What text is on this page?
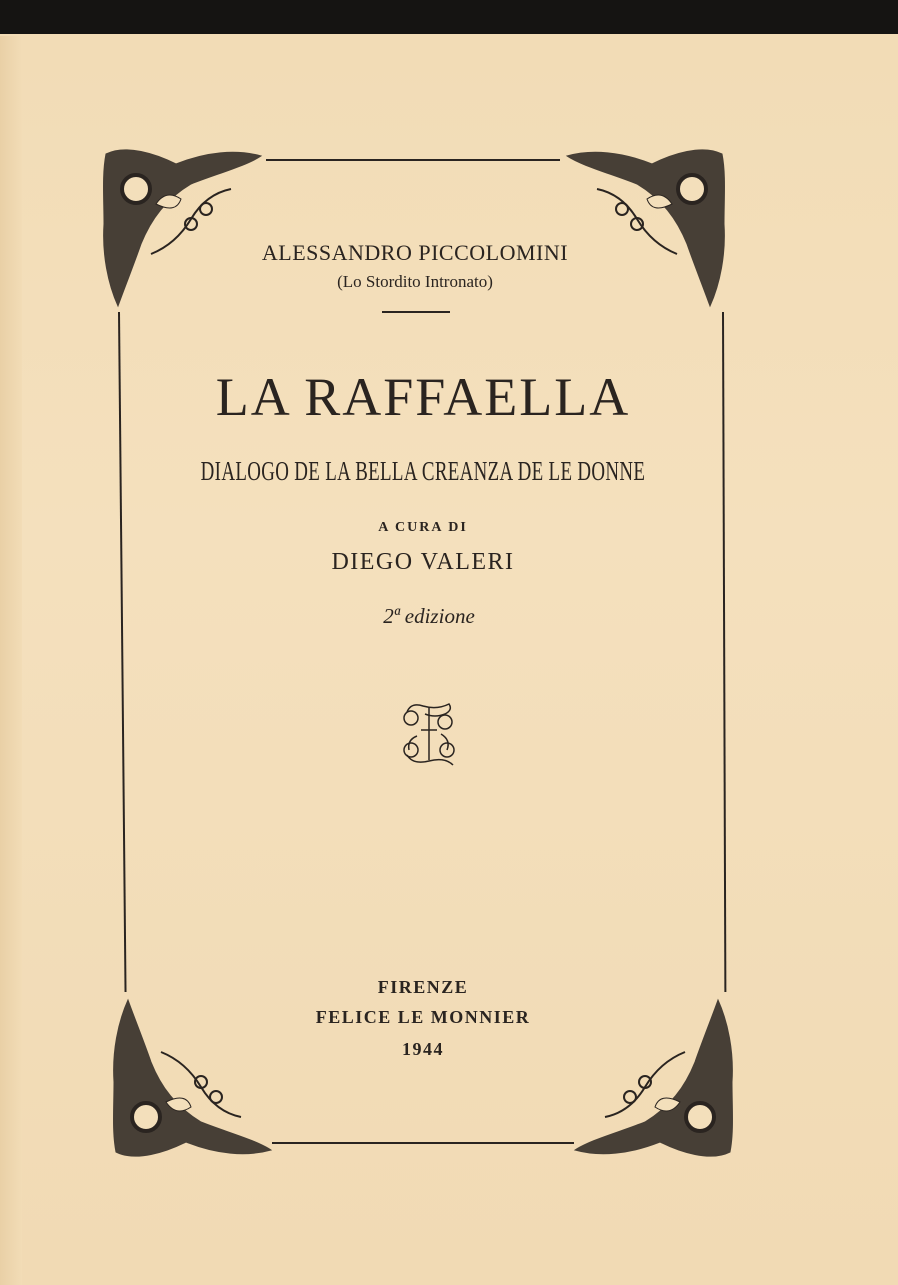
ALESSANDRO PICCOLOMINI
(Lo Stordito Intronato)
LA RAFFAELLA
DIALOGO DE LA BELLA CREANZA DE LE DONNE
A CURA DI
DIEGO VALERI
2ª edizione
FIRENZE
FELICE LE MONNIER
1944
